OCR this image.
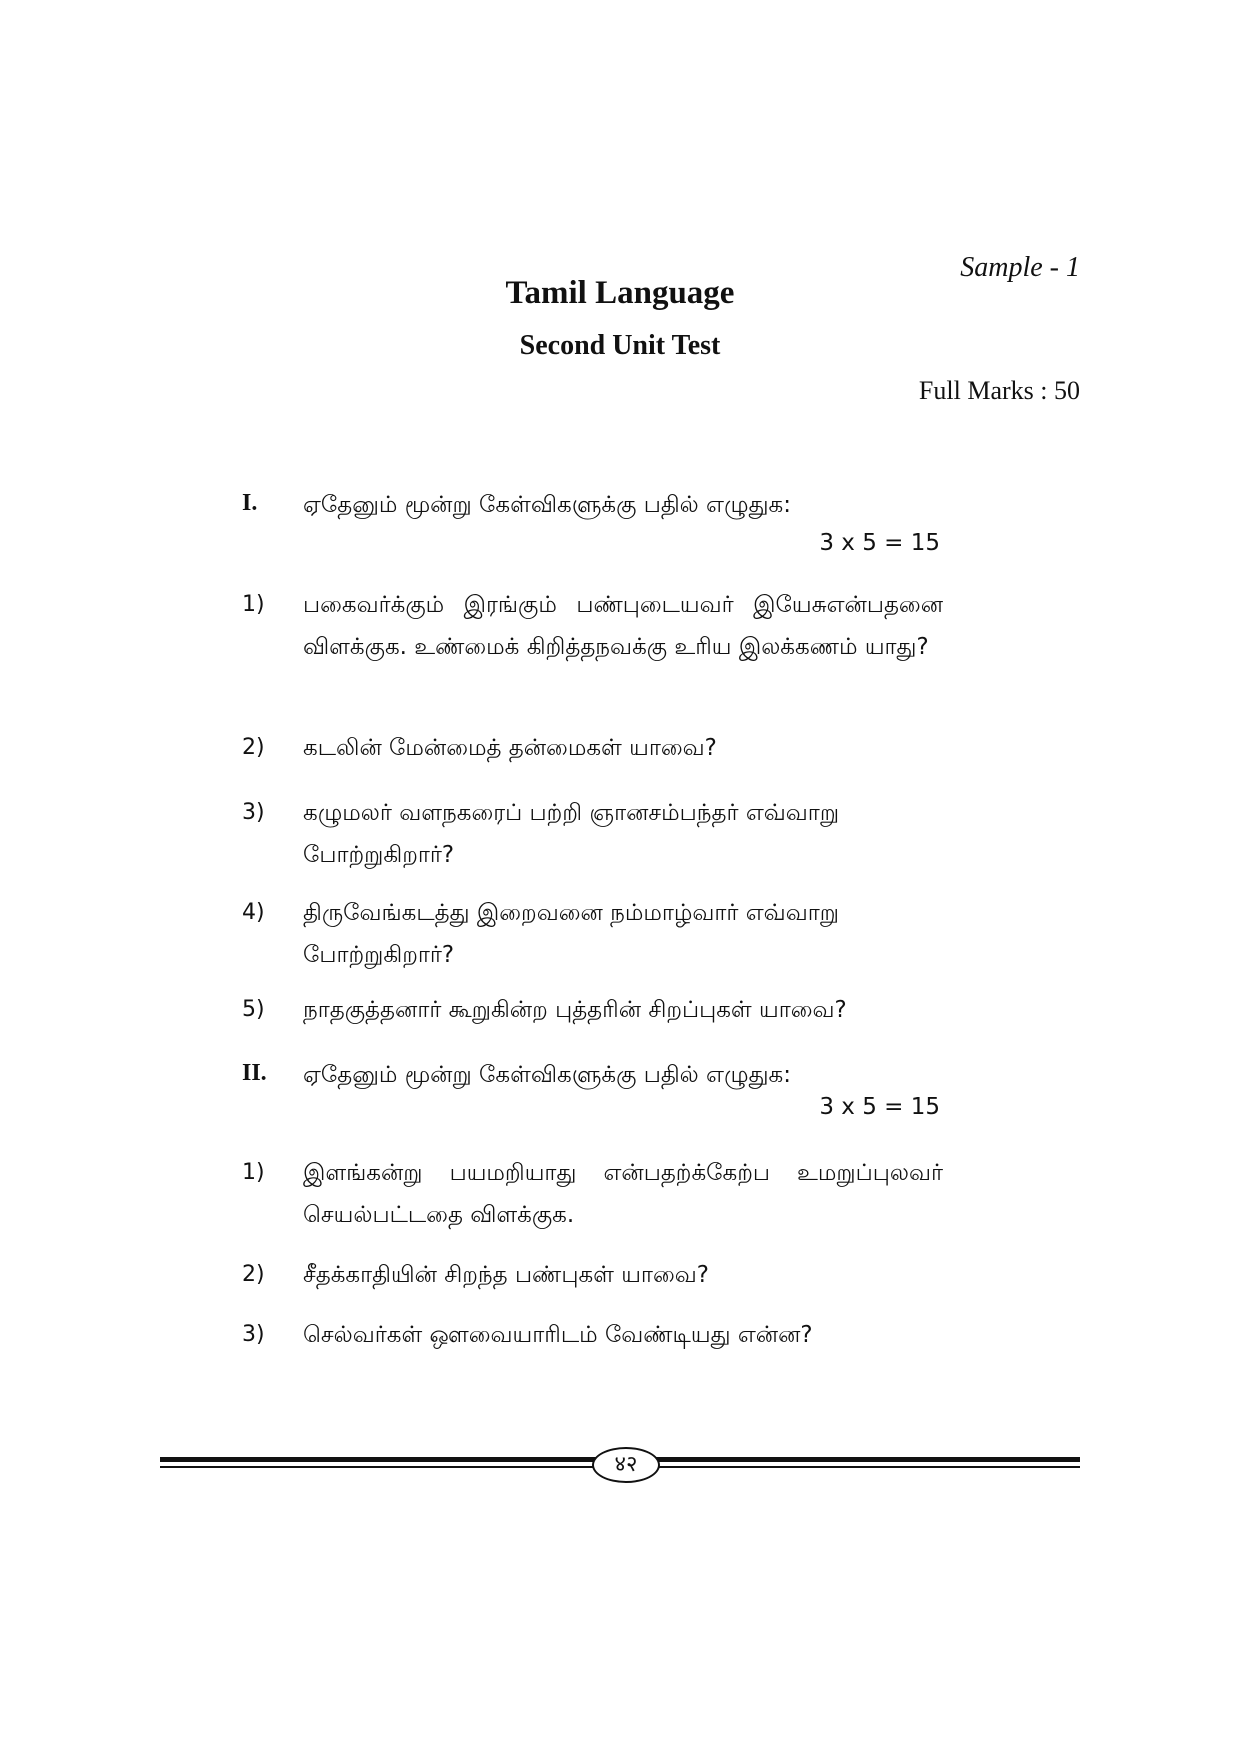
Sample - 1
Tamil Language
Second Unit Test
Full Marks : 50
I. ஏதேனும் மூன்று கேள்விகளுக்கு பதில் எழுதுக:
3 x 5 = 15
1) பகைவர்க்கும் இரங்கும் பண்புடையவர் இயேசுஎன்பதனை விளக்குக. உண்மைக் கிறித்தநவக்கு உரிய இலக்கணம் யாது?
2) கடலின் மேன்மைத் தன்மைகள் யாவை?
3) கழுமலர் வளநகரைப் பற்றி ஞானசம்பந்தர் எவ்வாறு போற்றுகிறார்?
4) திருவேங்கடத்து இறைவனை நம்மாழ்வார் எவ்வாறு போற்றுகிறார்?
5) நாதகுத்தனார் கூறுகின்ற புத்தரின் சிறப்புகள் யாவை?
II. ஏதேனும் மூன்று கேள்விகளுக்கு பதில் எழுதுக:
3 x 5 = 15
1) இளங்கன்று பயமறியாது என்பதற்க்கேற்ப உமறுப்புலவர் செயல்பட்டதை விளக்குக.
2) சீதக்காதியின் சிறந்த பண்புகள் யாவை?
3) செல்வர்கள் ஔவையாரிடம் வேண்டியது என்ன?
४२
